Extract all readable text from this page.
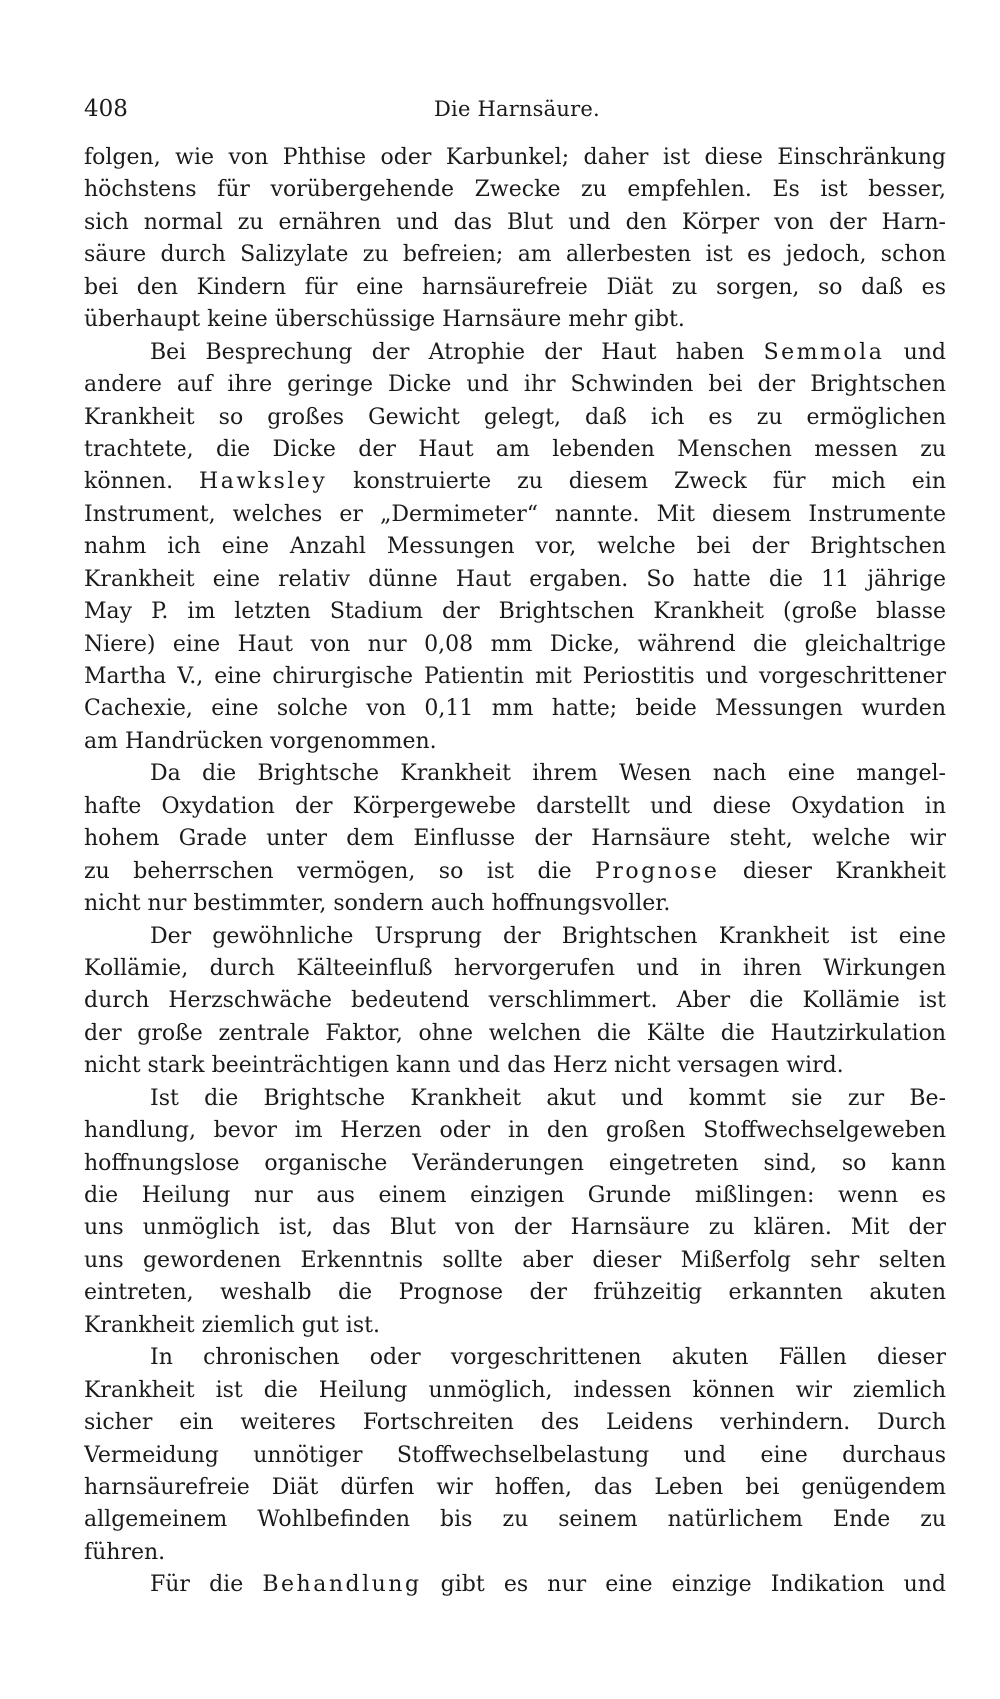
408	Die Harnsäure.
folgen, wie von Phthise oder Karbunkel; daher ist diese Einschränkung
höchstens für vorübergehende Zwecke zu empfehlen. Es ist besser,
sich normal zu ernähren und das Blut und den Körper von der Harn-
säure durch Salizylate zu befreien; am allerbesten ist es jedoch, schon
bei den Kindern für eine harnsäurefreie Diät zu sorgen, so daß es
überhaupt keine überschüssige Harnsäure mehr gibt.
Bei Besprechung der Atrophie der Haut haben Semmola und
andere auf ihre geringe Dicke und ihr Schwinden bei der Brightschen
Krankheit so großes Gewicht gelegt, daß ich es zu ermöglichen
trachtete, die Dicke der Haut am lebenden Menschen messen zu
können. Hawksley konstruierte zu diesem Zweck für mich ein
Instrument, welches er „Dermimeter“ nannte. Mit diesem Instrumente
nahm ich eine Anzahl Messungen vor, welche bei der Brightschen
Krankheit eine relativ dünne Haut ergaben. So hatte die 11 jährige
May P. im letzten Stadium der Brightschen Krankheit (große blasse
Niere) eine Haut von nur 0,08 mm Dicke, während die gleichaltrige
Martha V., eine chirurgische Patientin mit Periostitis und vorgeschrittener
Cachexie, eine solche von 0,11 mm hatte; beide Messungen wurden
am Handrücken vorgenommen.
Da die Brightsche Krankheit ihrem Wesen nach eine mangel-
hafte Oxydation der Körpergewebe darstellt und diese Oxydation in
hohem Grade unter dem Einflusse der Harnsäure steht, welche wir
zu beherrschen vermögen, so ist die Prognose dieser Krankheit
nicht nur bestimmter, sondern auch hoffnungsvoller.
Der gewöhnliche Ursprung der Brightschen Krankheit ist eine
Kollämie, durch Kälteeinfluß hervorgerufen und in ihren Wirkungen
durch Herzschwäche bedeutend verschlimmert. Aber die Kollämie ist
der große zentrale Faktor, ohne welchen die Kälte die Hautzirkulation
nicht stark beeinträchtigen kann und das Herz nicht versagen wird.
Ist die Brightsche Krankheit akut und kommt sie zur Be-
handlung, bevor im Herzen oder in den großen Stoffwechselgeweben
hoffnungslose organische Veränderungen eingetreten sind, so kann
die Heilung nur aus einem einzigen Grunde mißlingen: wenn es
uns unmöglich ist, das Blut von der Harnsäure zu klären. Mit der
uns gewordenen Erkenntnis sollte aber dieser Mißerfolg sehr selten
eintreten, weshalb die Prognose der frühzeitig erkannten akuten
Krankheit ziemlich gut ist.
In chronischen oder vorgeschrittenen akuten Fällen dieser
Krankheit ist die Heilung unmöglich, indessen können wir ziemlich
sicher ein weiteres Fortschreiten des Leidens verhindern. Durch
Vermeidung unnötiger Stoffwechselbelastung und eine durchaus
harnsäurefreie Diät dürfen wir hoffen, das Leben bei genügendem
allgemeinem Wohlbefinden bis zu seinem natürlichem Ende zu
führen.
Für die Behandlung gibt es nur eine einzige Indikation und
